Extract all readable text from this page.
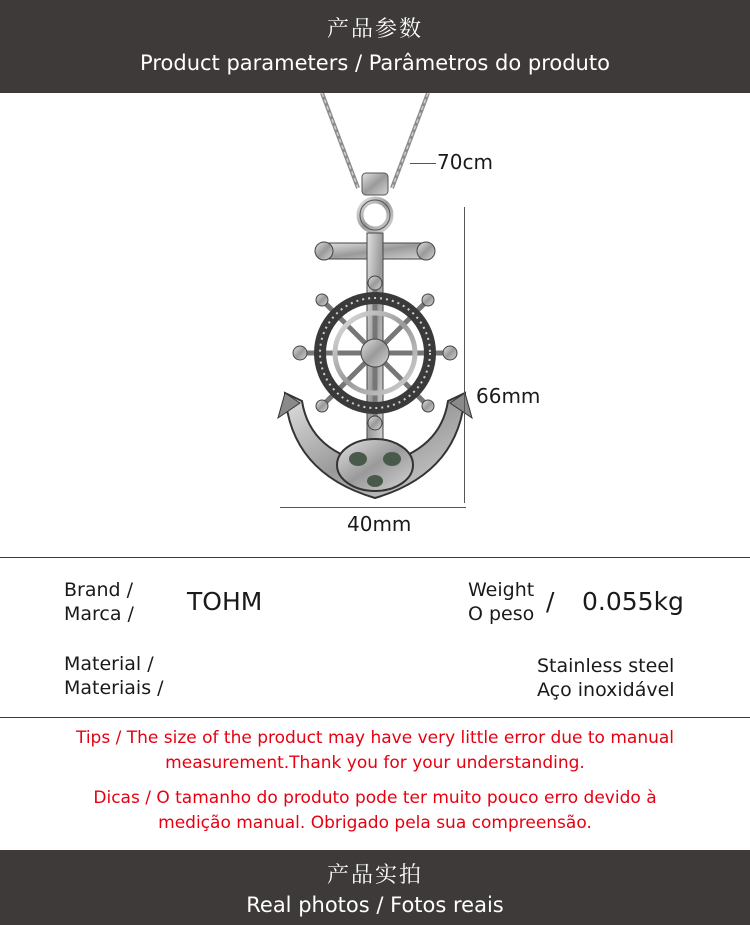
产品参数
Product parameters / Parâmetros do produto
70cm
66mm
40mm
Brand /
Marca / TOHM	Weight
O peso / 0.055kg
Material /
Materiais /
Stainless steel
Aço inoxidável
Tips / The size of the product may have very little error due to manual
measurement.Thank you for your understanding.
Dicas / O tamanho do produto pode ter muito pouco erro devido à
medição manual. Obrigado pela sua compreensão.
产品实拍
Real photos / Fotos reais
